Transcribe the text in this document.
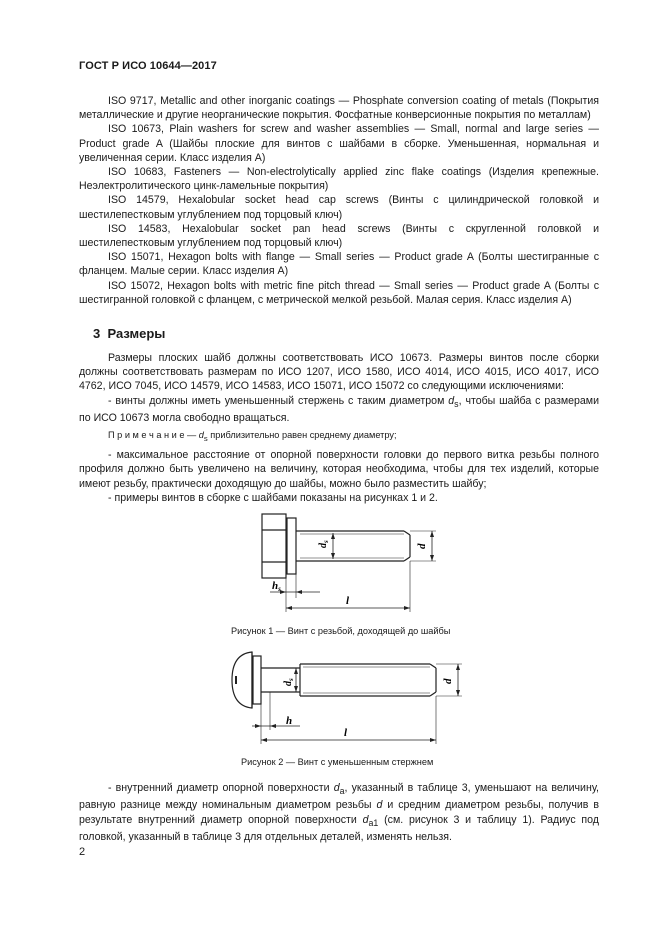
ГОСТ Р ИСО 10644—2017

ISO 9717, Metallic and other inorganic coatings — Phosphate conversion coating of metals (Покрытия металлические и другие неорганические покрытия. Фосфатные конверсионные покрытия по металлам)

ISO 10673, Plain washers for screw and washer assemblies — Small, normal and large series — Product grade A (Шайбы плоские для винтов с шайбами в сборке. Уменьшенная, нормальная и увеличенная серии. Класс изделия А)

ISO 10683, Fasteners — Non-electrolytically applied zinc flake coatings (Изделия крепежные. Неэлектролитического цинк-ламельные покрытия)

ISO 14579, Hexalobular socket head cap screws (Винты с цилиндрической головкой и шестилепестковым углублением под торцовый ключ)

ISO 14583, Hexalobular socket pan head screws (Винты с скругленной головкой и шестилепестковым углублением под торцовый ключ)

ISO 15071, Hexagon bolts with flange — Small series — Product grade A (Болты шестигранные с фланцем. Малые серии. Класс изделия А)

ISO 15072, Hexagon bolts with metric fine pitch thread — Small series — Product grade A (Болты с шестигранной головкой с фланцем, с метрической мелкой резьбой. Малая серия. Класс изделия А)

3 Размеры

Размеры плоских шайб должны соответствовать ИСО 10673. Размеры винтов после сборки должны соответствовать размерам по ИСО 1207, ИСО 1580, ИСО 4014, ИСО 4015, ИСО 4017, ИСО 4762, ИСО 7045, ИСО 14579, ИСО 14583, ИСО 15071, ИСО 15072 со следующими исключениями:

- винты должны иметь уменьшенный стержень с таким диаметром $d_s$, чтобы шайба с размерами по ИСО 10673 могла свободно вращаться.

П р и м е ч а н и е — $d_s$ приблизительно равен среднему диаметру;

- максимальное расстояние от опорной поверхности головки до первого витка резьбы полного профиля должно быть увеличено на величину, которая необходима, чтобы для тех изделий, которые имеют резьбу, практически доходящую до шайбы, можно было разместить шайбу;

- примеры винтов в сборке с шайбами показаны на рисунках 1 и 2.

$d_s$
d
hs
l
Рисунок 1 — Винт с резьбой, доходящей до шайбы
$d_s$	d
h
l
Рисунок 2 — Винт с уменьшенным стержнем

- внутренний диаметр опорной поверхности $d_a$, указанный в таблице 3, уменьшают на величину, равную разнице между номинальным диаметром резьбы d и средним диаметром резьбы, получив в результате внутренний диаметр опорной поверхности $d_{a1}$ (см. рисунок 3 и таблицу 1). Радиус под головкой, указанный в таблице 3 для отдельных деталей, изменять нельзя.

2
